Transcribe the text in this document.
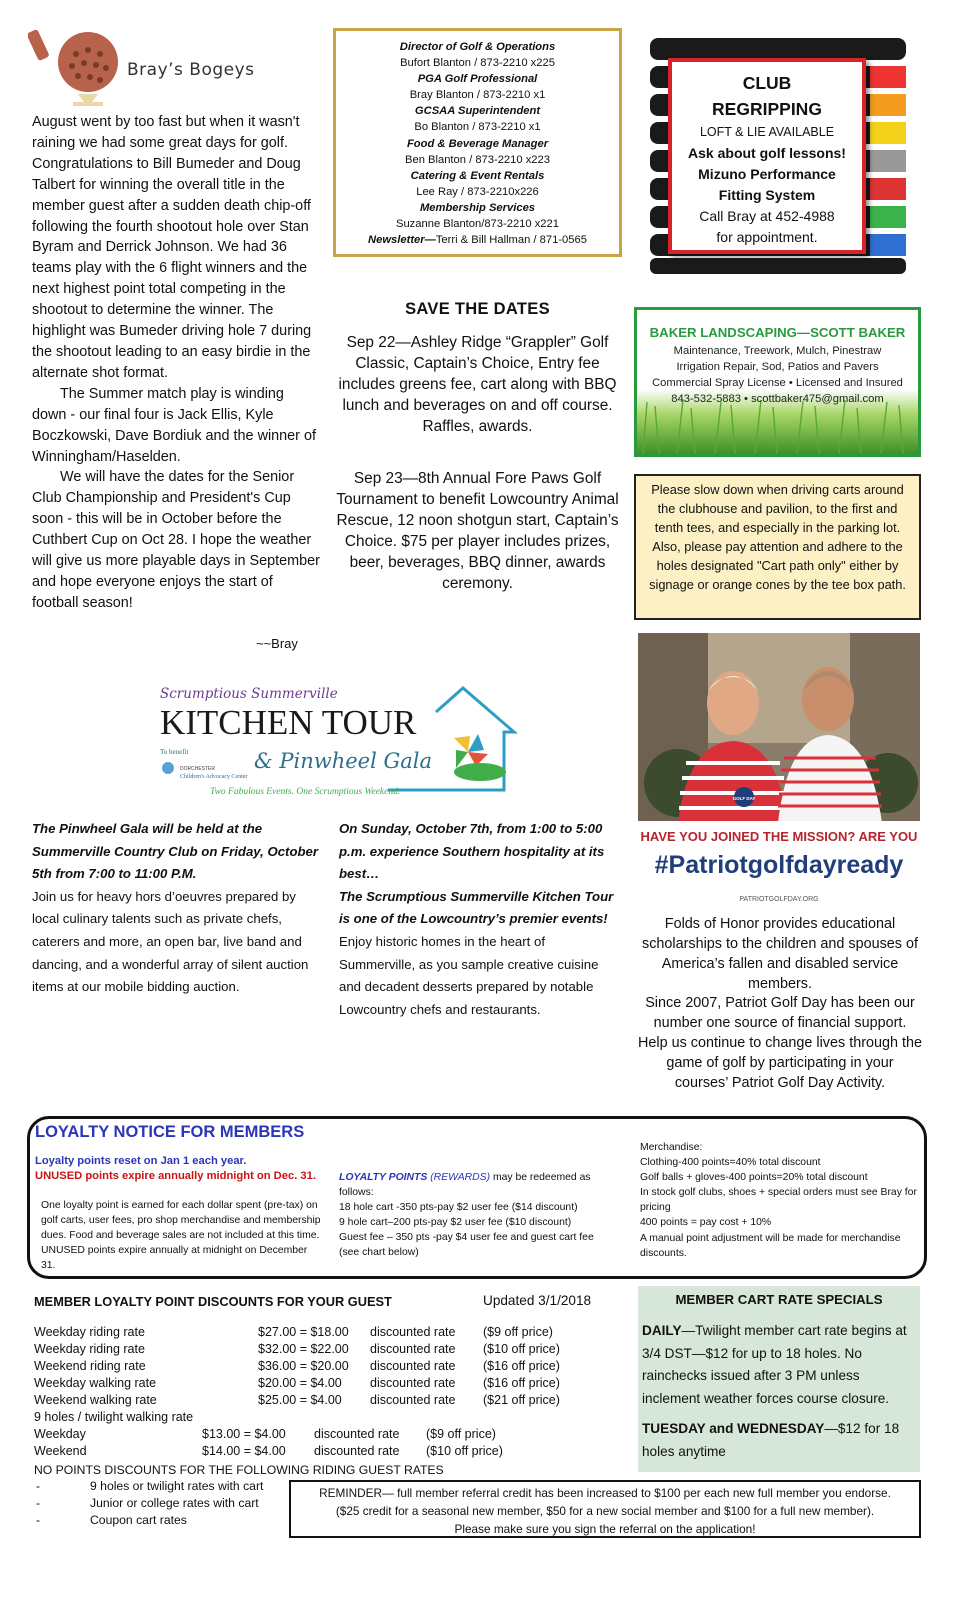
Bray’s Bogeys

August went by too fast but when it wasn't raining we had some great days for golf. Congratulations to Bill Bumeder and Doug Talbert for winning the overall title in the member guest after a sudden death chip-off following the fourth shootout hole over Stan Byram and Derrick Johnson. We had 36 teams play with the 6 flight winners and the next highest point total competing in the shootout to determine the winner. The highlight was Bumeder driving hole 7 during the shootout leading to an easy birdie in the alternate shot format.

The Summer match play is winding down - our final four is Jack Ellis, Kyle Boczkowski, Dave Bordiuk and the winner of Winningham/Haselden.

We will have the dates for the Senior Club Championship and President's Cup soon - this will be in October before the Cuthbert Cup on Oct 28. I hope the weather will give us more playable days in September and hope everyone enjoys the start of football season!

~~Bray
Director of Golf & Operations
Bufort Blanton / 873-2210 x225
PGA Golf Professional
Bray Blanton / 873-2210 x1
GCSAA Superintendent
Bo Blanton / 873-2210 x1
Food & Beverage Manager
Ben Blanton / 873-2210 x223
Catering & Event Rentals
Lee Ray / 873-2210x226
Membership Services
Suzanne Blanton/873-2210 x221
Newsletter—Terri & Bill Hallman / 871-0565
SAVE THE DATES
Sep 22—Ashley Ridge “Grappler” Golf Classic, Captain’s Choice, Entry fee includes greens fee, cart along with BBQ lunch and beverages on and off course. Raffles, awards.
Sep 23—8th Annual Fore Paws Golf Tournament to benefit Lowcountry Animal Rescue, 12 noon shotgun start, Captain’s Choice. $75 per player includes prizes, beer, beverages, BBQ dinner, awards ceremony.
CLUB
REGRIPPING
LOFT & LIE AVAILABLE
Ask about golf lessons!
Mizuno Performance
Fitting System
Call Bray at 452-4988
for appointment.
BAKER LANDSCAPING—SCOTT BAKER
Maintenance, Treework, Mulch, Pinestraw
Irrigation Repair, Sod, Patios and Pavers
Commercial Spray License • Licensed and Insured
843-532-5883 • scottbaker475@gmail.com
Please slow down when driving carts around the clubhouse and pavilion, to the first and tenth tees, and especially in the parking lot. Also, please pay attention and adhere to the holes designated "Cart path only" either by signage or orange cones by the tee box path.
HAVE YOU JOINED THE MISSION? ARE YOU
#Patriotgolfdayready
PATRIOTGOLFDAY.ORG
GOLF DAY
Folds of Honor provides educational scholarships to the children and spouses of America’s fallen and disabled service members.
Since 2007, Patriot Golf Day has been our number one source of financial support. Help us continue to change lives through the game of golf by participating in your courses’ Patriot Golf Day Activity.
Scrumptious Summerville
KITCHEN TOUR
& Pinwheel Gala
To benefit
DORCHESTER
Children's Advocacy Center
Two Fabulous Events. One Scrumptious Weekend.
The Pinwheel Gala will be held at the Summerville Country Club on Friday, October 5th from 7:00 to 11:00 P.M.
Join us for heavy hors d’oeuvres prepared by local culinary talents such as private chefs, caterers and more, an open bar, live band and dancing, and a wonderful array of silent auction items at our mobile bidding auction.
On Sunday, October 7th, from 1:00 to 5:00 p.m. experience Southern hospitality at its best…
The Scrumptious Summerville Kitchen Tour is one of the Lowcountry’s premier events!
Enjoy historic homes in the heart of Summerville, as you sample creative cuisine and decadent desserts prepared by notable Lowcountry chefs and restaurants.
LOYALTY NOTICE FOR MEMBERS
Loyalty points reset on Jan 1 each year.
UNUSED points expire annually midnight on Dec. 31.
One loyalty point is earned for each dollar spent (pre-tax) on golf carts, user fees, pro shop merchandise and membership dues. Food and beverage sales are not included at this time. UNUSED points expire annually at midnight on December 31.
LOYALTY POINTS (REWARDS) may be redeemed as follows:
18 hole cart -350 pts-pay $2 user fee ($14 discount)
9 hole cart–200 pts-pay $2 user fee ($10 discount)
Guest fee – 350 pts -pay $4 user fee and guest cart fee (see chart below)
Merchandise:
Clothing-400 points=40% total discount
Golf balls + gloves-400 points=20% total discount
In stock golf clubs, shoes + special orders must see Bray for pricing
400 points = pay cost + 10%
A manual point adjustment will be made for merchandise discounts.
MEMBER LOYALTY POINT DISCOUNTS FOR YOUR GUEST	Updated 3/1/2018
Weekday riding rate	$27.00 = $18.00 discounted rate ($9 off price)
Weekday riding rate	$32.00 = $22.00 discounted rate ($10 off price)
Weekend riding rate	$36.00 = $20.00 discounted rate ($16 off price)
Weekday walking rate	$20.00 = $4.00 discounted rate ($16 off price)
Weekend walking rate	$25.00 = $4.00 discounted rate ($21 off price)
9 holes / twilight walking rate
Weekday	$13.00 = $4.00 discounted rate ($9 off price)
Weekend	$14.00 = $4.00 discounted rate ($10 off price)
NO POINTS DISCOUNTS FOR THE FOLLOWING RIDING GUEST RATES
-	9 holes or twilight rates with cart
-	Junior or college rates with cart
-	Coupon cart rates
MEMBER CART RATE SPECIALS
DAILY—Twilight member cart rate begins at 3/4 DST—$12 for up to 18 holes. No rainchecks issued after 3 PM unless inclement weather forces course closure.
TUESDAY and WEDNESDAY—$12 for 18 holes anytime
REMINDER— full member referral credit has been increased to $100 per each new full member you endorse.
($25 credit for a seasonal new member, $50 for a new social member and $100 for a full new member).
Please make sure you sign the referral on the application!
